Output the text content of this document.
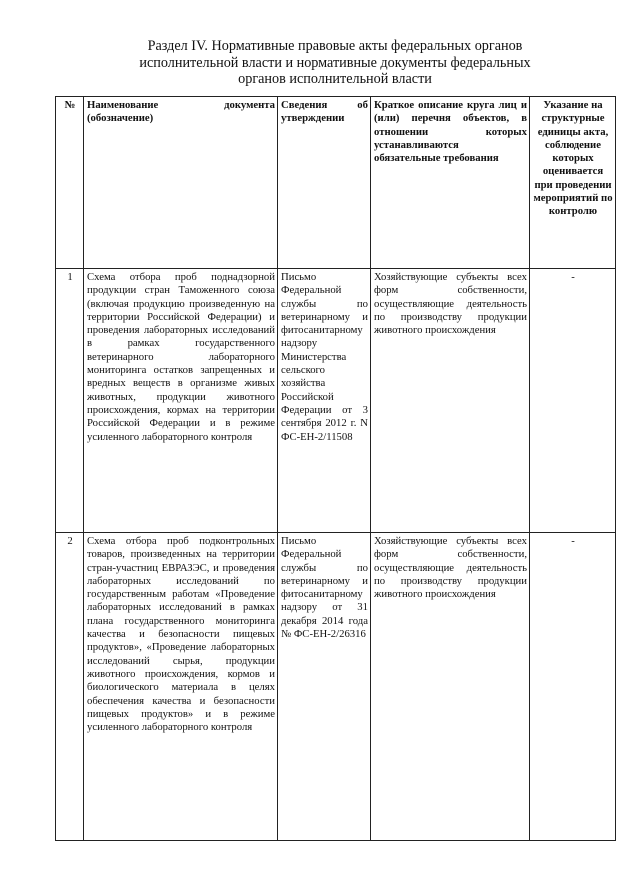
Раздел IV. Нормативные правовые акты федеральных органов
исполнительной власти и нормативные документы федеральных
органов исполнительной власти
№	Наименование документа (обозначение)	Сведения об утверждении	Краткое описание круга лиц и (или) перечня объектов, в отношении которых устанавливаются обязательные требования	Указание на структурные единицы акта, соблюдение которых оценивается при проведении мероприятий по контролю
1	Схема отбора проб поднадзорной продукции стран Таможенного союза (включая продукцию произведенную на территории Российской Федерации) и проведения лабораторных исследований в рамках государственного ветеринарного лабораторного мониторинга остатков запрещенных и вредных веществ в организме живых животных, продукции животного происхождения, кормах на территории Российской Федерации и в режиме усиленного лабораторного контроля	Письмо Федеральной службы по ветеринарному и фитосанитарному надзору Министерства сельского хозяйства Российской Федерации от 3 сентября 2012 г. N ФС-ЕН-2/11508	Хозяйствующие субъекты всех форм собственности, осуществляющие деятельность по производству продукции животного происхождения	-
2	Схема отбора проб подконтрольных товаров, произведенных на территории стран-участниц ЕВРАЗЭС, и проведения лабораторных исследований по государственным работам «Проведение лабораторных исследований в рамках плана государственного мониторинга качества и безопасности пищевых продуктов», «Проведение лабораторных исследований сырья, продукции животного происхождения, кормов и биологического материала в целях обеспечения качества и безопасности пищевых продуктов» и в режиме усиленного лабораторного контроля	Письмо Федеральной службы по ветеринарному и фитосанитарному надзору от 31 декабря 2014 года № ФС-ЕН-2/26316	Хозяйствующие субъекты всех форм собственности, осуществляющие деятельность по производству продукции животного происхождения	-
